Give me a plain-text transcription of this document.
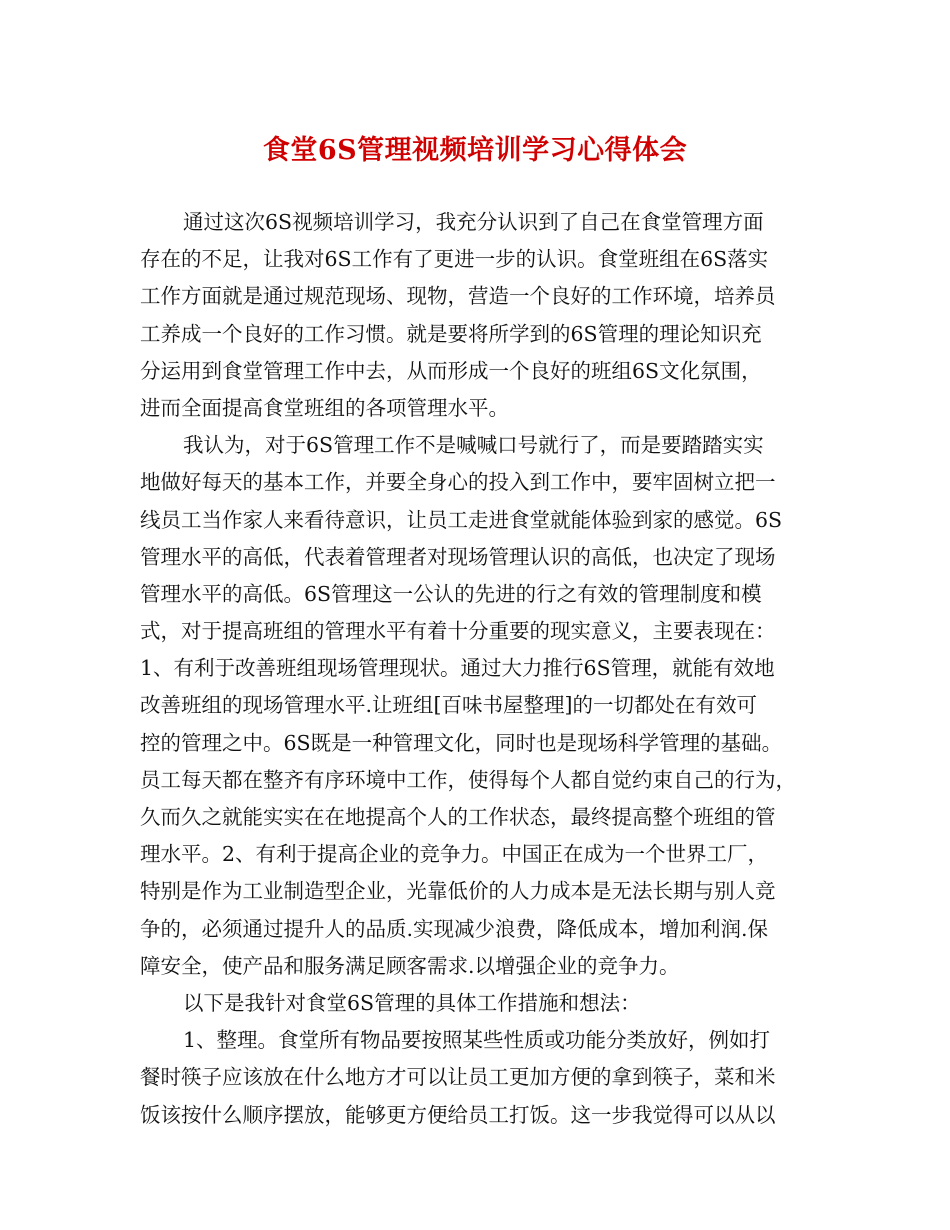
食堂6S管理视频培训学习心得体会
通过这次6S视频培训学习，我充分认识到了自己在食堂管理方面
存在的不足，让我对6S工作有了更进一步的认识。食堂班组在6S落实
工作方面就是通过规范现场、现物，营造一个良好的工作环境，培养员
工养成一个良好的工作习惯。就是要将所学到的6S管理的理论知识充
分运用到食堂管理工作中去，从而形成一个良好的班组6S文化氛围，
进而全面提高食堂班组的各项管理水平。
我认为，对于6S管理工作不是喊喊口号就行了，而是要踏踏实实
地做好每天的基本工作，并要全身心的投入到工作中，要牢固树立把一
线员工当作家人来看待意识，让员工走进食堂就能体验到家的感觉。6S
管理水平的高低，代表着管理者对现场管理认识的高低，也决定了现场
管理水平的高低。6S管理这一公认的先进的行之有效的管理制度和模
式，对于提高班组的管理水平有着十分重要的现实意义，主要表现在：
1、有利于改善班组现场管理现状。通过大力推行6S管理，就能有效地
改善班组的现场管理水平.让班组[百味书屋整理]的一切都处在有效可
控的管理之中。6S既是一种管理文化，同时也是现场科学管理的基础。
员工每天都在整齐有序环境中工作，使得每个人都自觉约束自己的行为，
久而久之就能实实在在地提高个人的工作状态，最终提高整个班组的管
理水平。2、有利于提高企业的竞争力。中国正在成为一个世界工厂，
特别是作为工业制造型企业，光靠低价的人力成本是无法长期与别人竞
争的，必须通过提升人的品质.实现减少浪费，降低成本，增加利润.保
障安全，使产品和服务满足顾客需求.以增强企业的竞争力。
以下是我针对食堂6S管理的具体工作措施和想法：
1、整理。食堂所有物品要按照某些性质或功能分类放好，例如打
餐时筷子应该放在什么地方才可以让员工更加方便的拿到筷子，菜和米
饭该按什么顺序摆放，能够更方便给员工打饭。这一步我觉得可以从以
